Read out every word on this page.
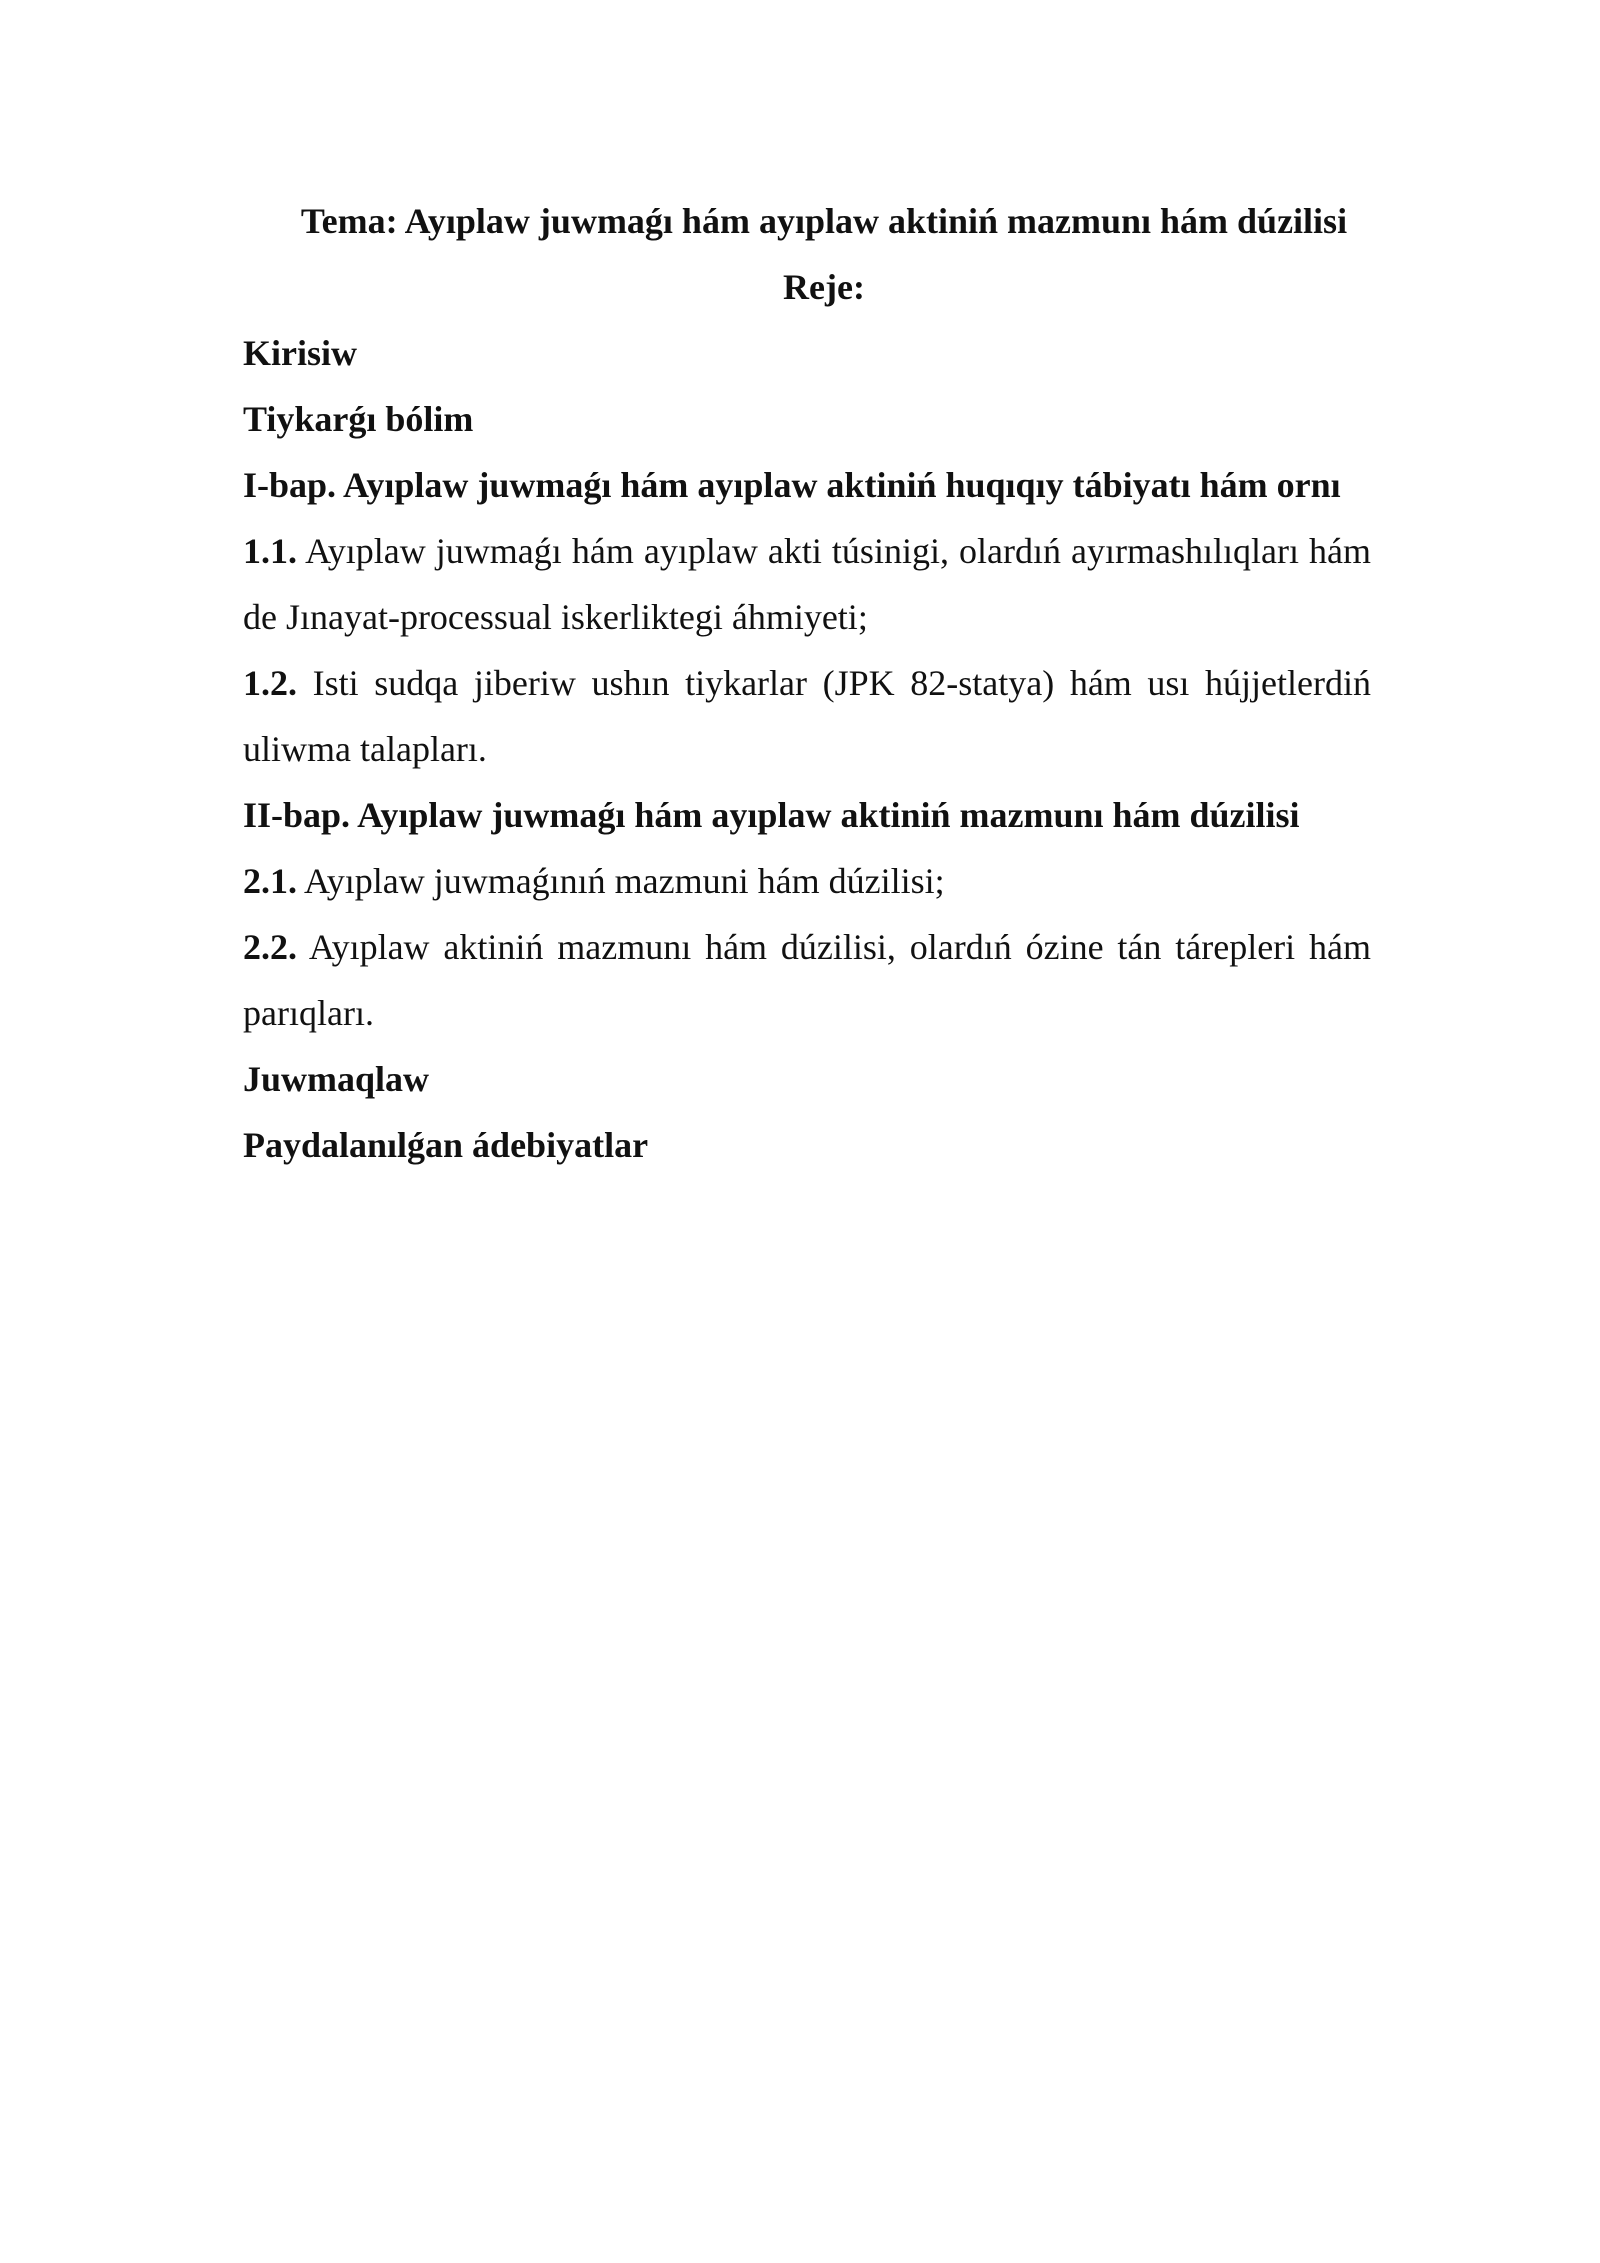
Tema: Ayıplaw juwmaǵı hám ayıplaw aktiniń mazmunı hám dúzilisi

Reje:

Kirisiw

Tiykarǵı bólim

I-bap. Ayıplaw juwmaǵı hám ayıplaw aktiniń huqıqıy tábiyatı hám ornı

1.1. Ayıplaw juwmaǵı hám ayıplaw akti túsinigi, olardıń ayırmashılıqları hám de Jınayat-processual iskerliktegi áhmiyeti;

1.2. Isti sudqa jiberiw ushın tiykarlar (JPK 82-statya) hám usı hújjetlerdiń uliwma talapları.

II-bap. Ayıplaw juwmaǵı hám ayıplaw aktiniń mazmunı hám dúzilisi

2.1. Ayıplaw juwmaǵınıń mazmuni hám dúzilisi;

2.2. Ayıplaw aktiniń mazmunı hám dúzilisi, olardıń ózine tán tárepleri hám parıqları.

Juwmaqlaw

Paydalanılǵan ádebiyatlar
